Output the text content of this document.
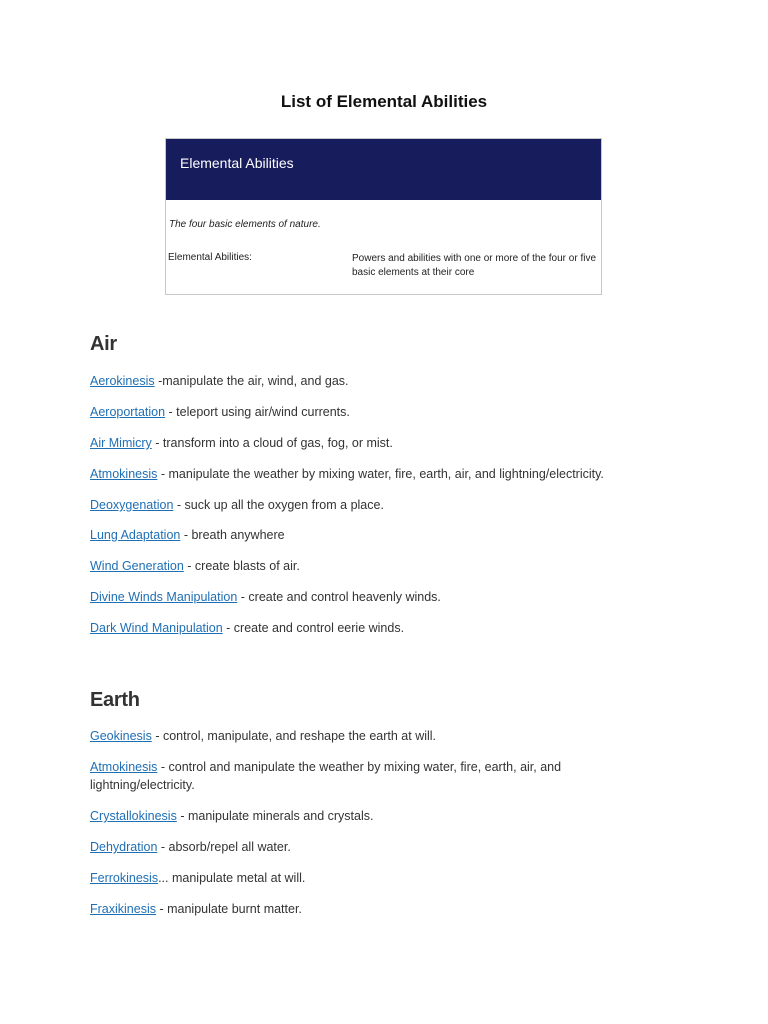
List of Elemental Abilities
Elemental Abilities
The four basic elements of nature.
Elemental Abilities:	Powers and abilities with one or more of the four or five basic elements at their core
Air
Aerokinesis -manipulate the air, wind, and gas.
Aeroportation - teleport using air/wind currents.
Air Mimicry - transform into a cloud of gas, fog, or mist.
Atmokinesis - manipulate the weather by mixing water, fire, earth, air, and lightning/electricity.
Deoxygenation - suck up all the oxygen from a place.
Lung Adaptation - breath anywhere
Wind Generation - create blasts of air.
Divine Winds Manipulation - create and control heavenly winds.
Dark Wind Manipulation - create and control eerie winds.
Earth
Geokinesis - control, manipulate, and reshape the earth at will.
Atmokinesis - control and manipulate the weather by mixing water, fire, earth, air, and lightning/electricity.
Crystallokinesis - manipulate minerals and crystals.
Dehydration - absorb/repel all water.
Ferrokinesis... manipulate metal at will.
Fraxikinesis - manipulate burnt matter.
